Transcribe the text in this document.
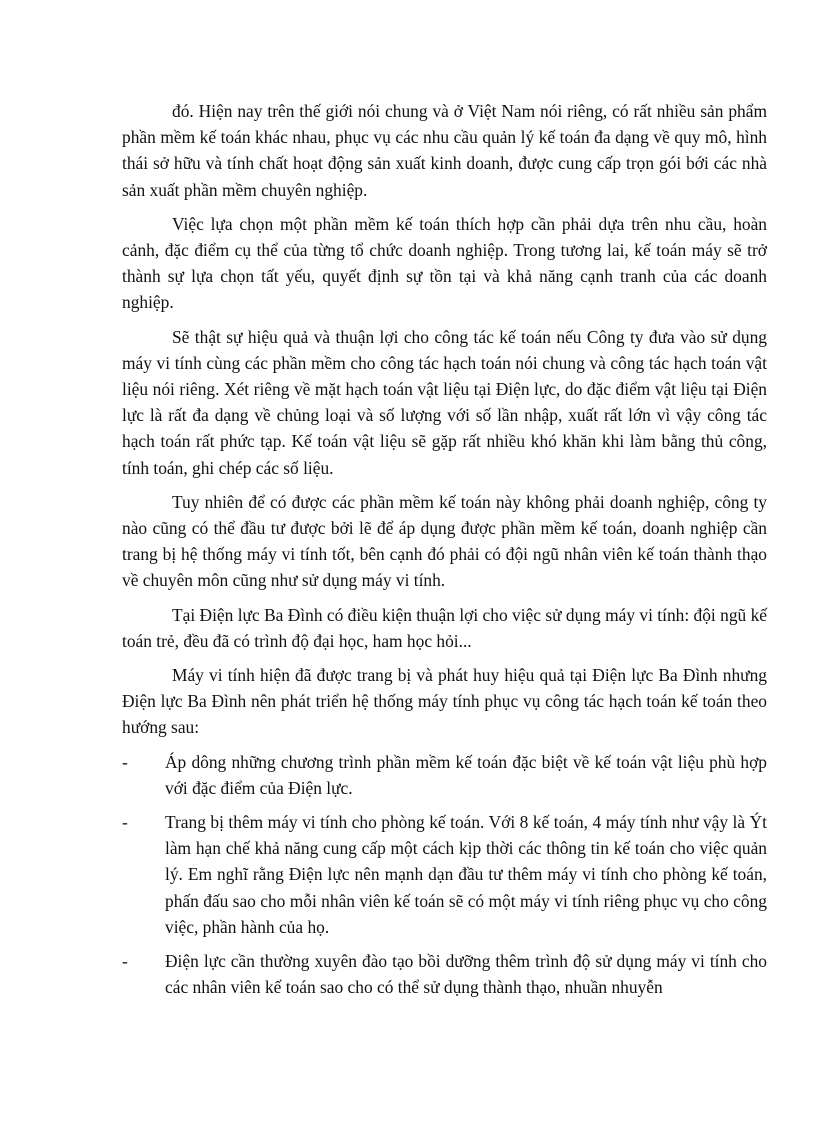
đó. Hiện nay trên thế giới nói chung và ở Việt Nam nói riêng, có rất nhiều sản phẩm phần mềm kế toán khác nhau, phục vụ các nhu cầu quản lý kế toán đa dạng về quy mô, hình thái sở hữu và tính chất hoạt động sản xuất kinh doanh, được cung cấp trọn gói bới các nhà sản xuất phần mềm chuyên nghiệp.

Việc lựa chọn một phần mềm kế toán thích hợp cần phải dựa trên nhu cầu, hoàn cảnh, đặc điểm cụ thể của từng tổ chức doanh nghiệp. Trong tương lai, kế toán máy sẽ trở thành sự lựa chọn tất yếu, quyết định sự tồn tại và khả năng cạnh tranh của các doanh nghiệp.

Sẽ thật sự hiệu quả và thuận lợi cho công tác kế toán nếu Công ty đưa vào sử dụng máy vi tính cùng các phần mềm cho công tác hạch toán nói chung và công tác hạch toán vật liệu nói riêng. Xét riêng về mặt hạch toán vật liệu tại Điện lực, do đặc điểm vật liệu tại Điện lực là rất đa dạng về chủng loại và số lượng với số lần nhập, xuất rất lớn vì vậy công tác hạch toán rất phức tạp. Kế toán vật liệu sẽ gặp rất nhiều khó khăn khi làm bằng thủ công, tính toán, ghi chép các số liệu.

Tuy nhiên để có được các phần mềm kế toán này không phải doanh nghiệp, công ty nào cũng có thể đầu tư được bởi lẽ để áp dụng được phần mềm kế toán, doanh nghiệp cần trang bị hệ thống máy vi tính tốt, bên cạnh đó phải có đội ngũ nhân viên kế toán thành thạo về chuyên môn cũng như sử dụng máy vi tính.

Tại Điện lực Ba Đình có điều kiện thuận lợi cho việc sử dụng máy vi tính: đội ngũ kế toán trẻ, đều đã có trình độ đại học, ham học hỏi...

Máy vi tính hiện đã được trang bị và phát huy hiệu quả tại Điện lực Ba Đình nhưng Điện lực Ba Đình nên phát triển hệ thống máy tính phục vụ công tác hạch toán kế toán theo hướng sau:

- Áp dông những chương trình phần mềm kế toán đặc biệt về kế toán vật liệu phù hợp với đặc điểm của Điện lực.
- Trang bị thêm máy vi tính cho phòng kế toán. Với 8 kế toán, 4 máy tính như vậy là Ýt làm hạn chế khả năng cung cấp một cách kịp thời các thông tin kế toán cho việc quản lý. Em nghĩ rằng Điện lực nên mạnh dạn đầu tư thêm máy vi tính cho phòng kế toán, phấn đấu sao cho mỗi nhân viên kế toán sẽ có một máy vi tính riêng phục vụ cho công việc, phần hành của họ.
- Điện lực cần thường xuyên đào tạo bồi dưỡng thêm trình độ sử dụng máy vi tính cho các nhân viên kế toán sao cho có thể sử dụng thành thạo, nhuần nhuyễn
